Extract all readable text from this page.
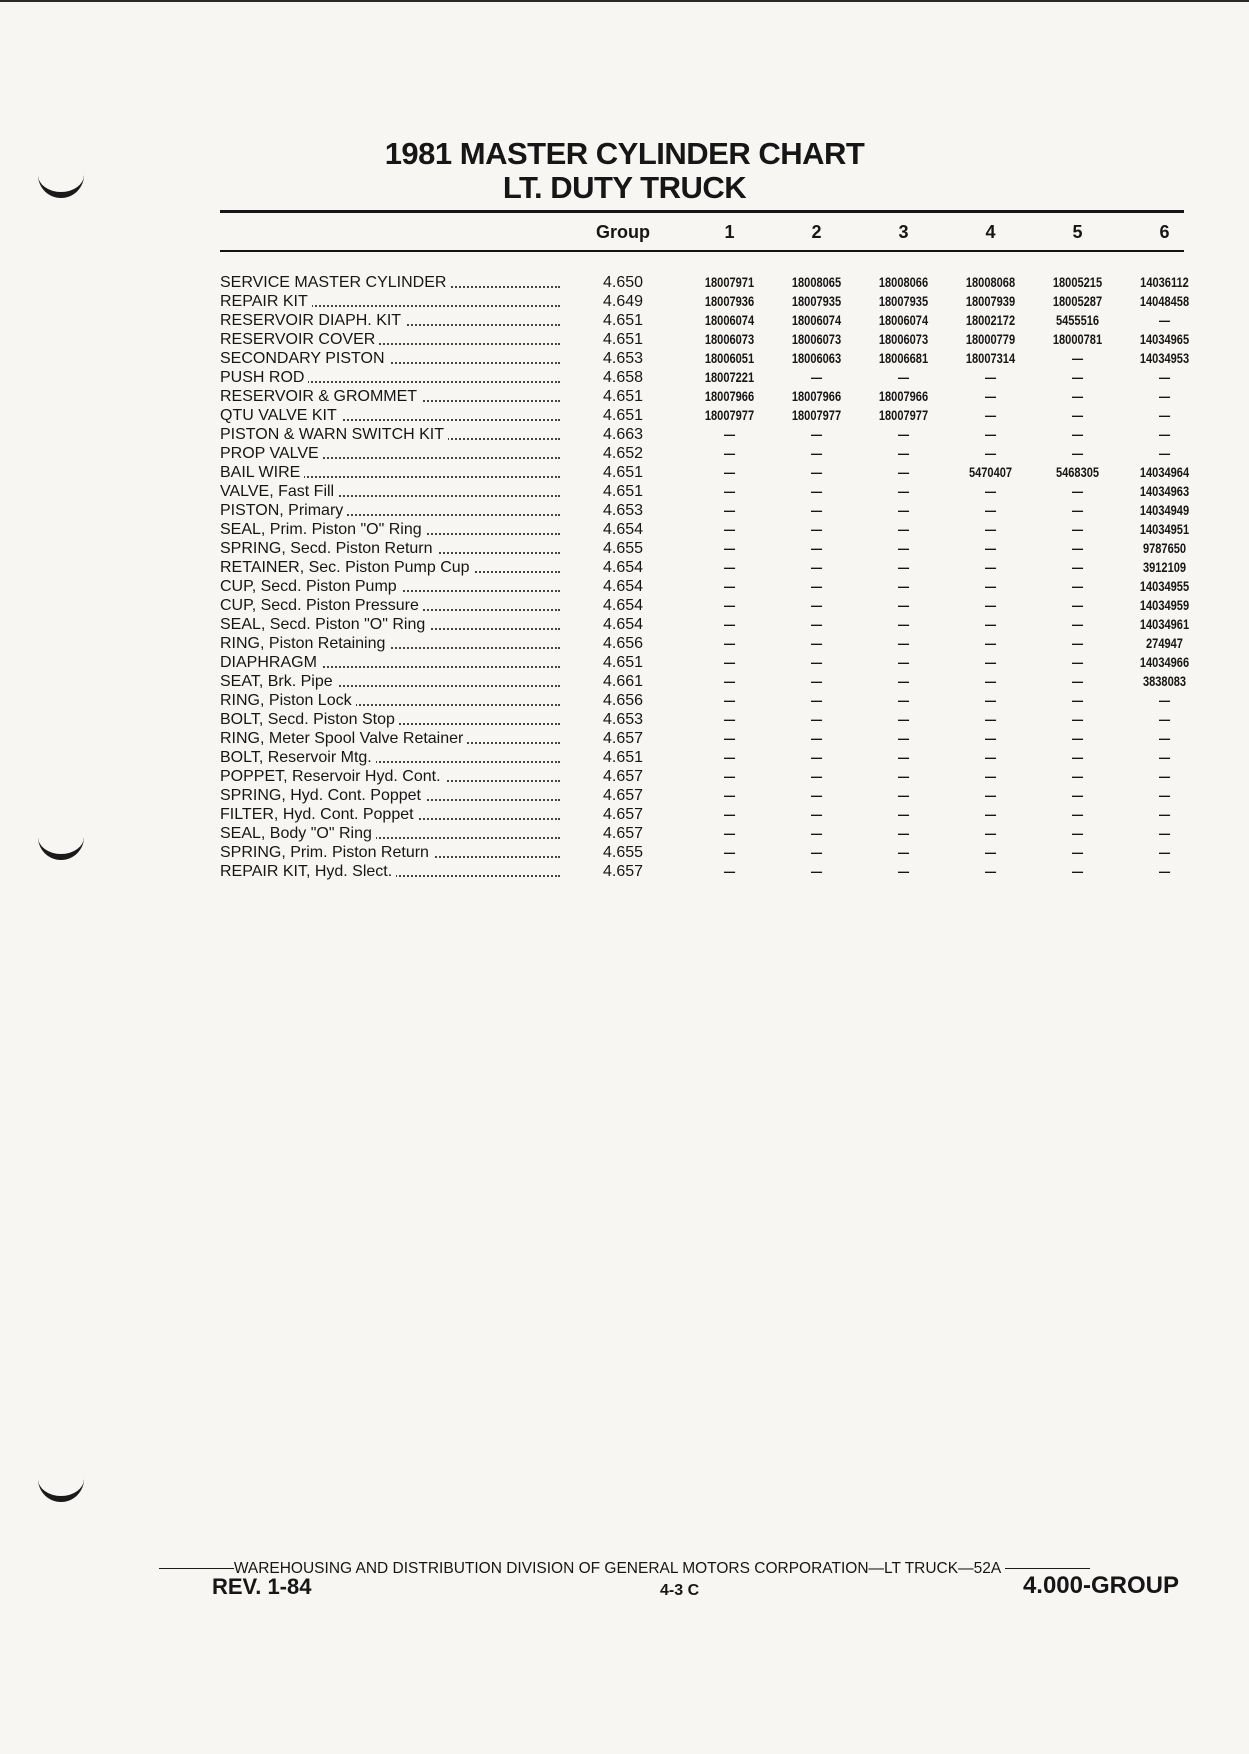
1981 MASTER CYLINDER CHART
LT. DUTY TRUCK
Group	1	2	3	4	5	6
SERVICE MASTER CYLINDER	4.650	18007971	18008065	18008066	18008068	18005215	14036112

REPAIR KIT	4.649	18007936	18007935	18007935	18007939	18005287	14048458

RESERVOIR DIAPH. KIT	4.651	18006074	18006074	18006074	18002172	5455516	—

RESERVOIR COVER	4.651	18006073	18006073	18006073	18000779	18000781	14034965

SECONDARY PISTON	4.653	18006051	18006063	18006681	18007314	—	14034953

PUSH ROD	4.658	18007221	—	—	—	—	—

RESERVOIR & GROMMET	4.651	18007966	18007966	18007966	—	—	—

QTU VALVE KIT	4.651	18007977	18007977	18007977	—	—	—

PISTON & WARN SWITCH KIT	4.663	—	—	—	—	—	—

PROP VALVE	4.652	—	—	—	—	—	—

BAIL WIRE	4.651	—	—	—	5470407	5468305	14034964

VALVE, Fast Fill	4.651	—	—	—	—	—	14034963

PISTON, Primary	4.653	—	—	—	—	—	14034949

SEAL, Prim. Piston "O" Ring	4.654	—	—	—	—	—	14034951

SPRING, Secd. Piston Return	4.655	—	—	—	—	—	9787650

RETAINER, Sec. Piston Pump Cup	4.654	—	—	—	—	—	3912109

CUP, Secd. Piston Pump	4.654	—	—	—	—	—	14034955

CUP, Secd. Piston Pressure	4.654	—	—	—	—	—	14034959

SEAL, Secd. Piston "O" Ring	4.654	—	—	—	—	—	14034961

RING, Piston Retaining	4.656	—	—	—	—	—	274947

DIAPHRAGM	4.651	—	—	—	—	—	14034966

SEAT, Brk. Pipe	4.661	—	—	—	—	—	3838083

RING, Piston Lock	4.656	—	—	—	—	—	—

BOLT, Secd. Piston Stop	4.653	—	—	—	—	—	—

RING, Meter Spool Valve Retainer	4.657	—	—	—	—	—	—

BOLT, Reservoir Mtg.	4.651	—	—	—	—	—	—

POPPET, Reservoir Hyd. Cont.	4.657	—	—	—	—	—	—

SPRING, Hyd. Cont. Poppet	4.657	—	—	—	—	—	—

FILTER, Hyd. Cont. Poppet	4.657	—	—	—	—	—	—

SEAL, Body "O" Ring	4.657	—	—	—	—	—	—

SPRING, Prim. Piston Return	4.655	—	—	—	—	—	—

REPAIR KIT, Hyd. Slect.	4.657	—	—	—	—	—	—
WAREHOUSING AND DISTRIBUTION DIVISION OF GENERAL MOTORS CORPORATION—LT TRUCK—52A
REV. 1-84	4-3 C	4.000-GROUP
